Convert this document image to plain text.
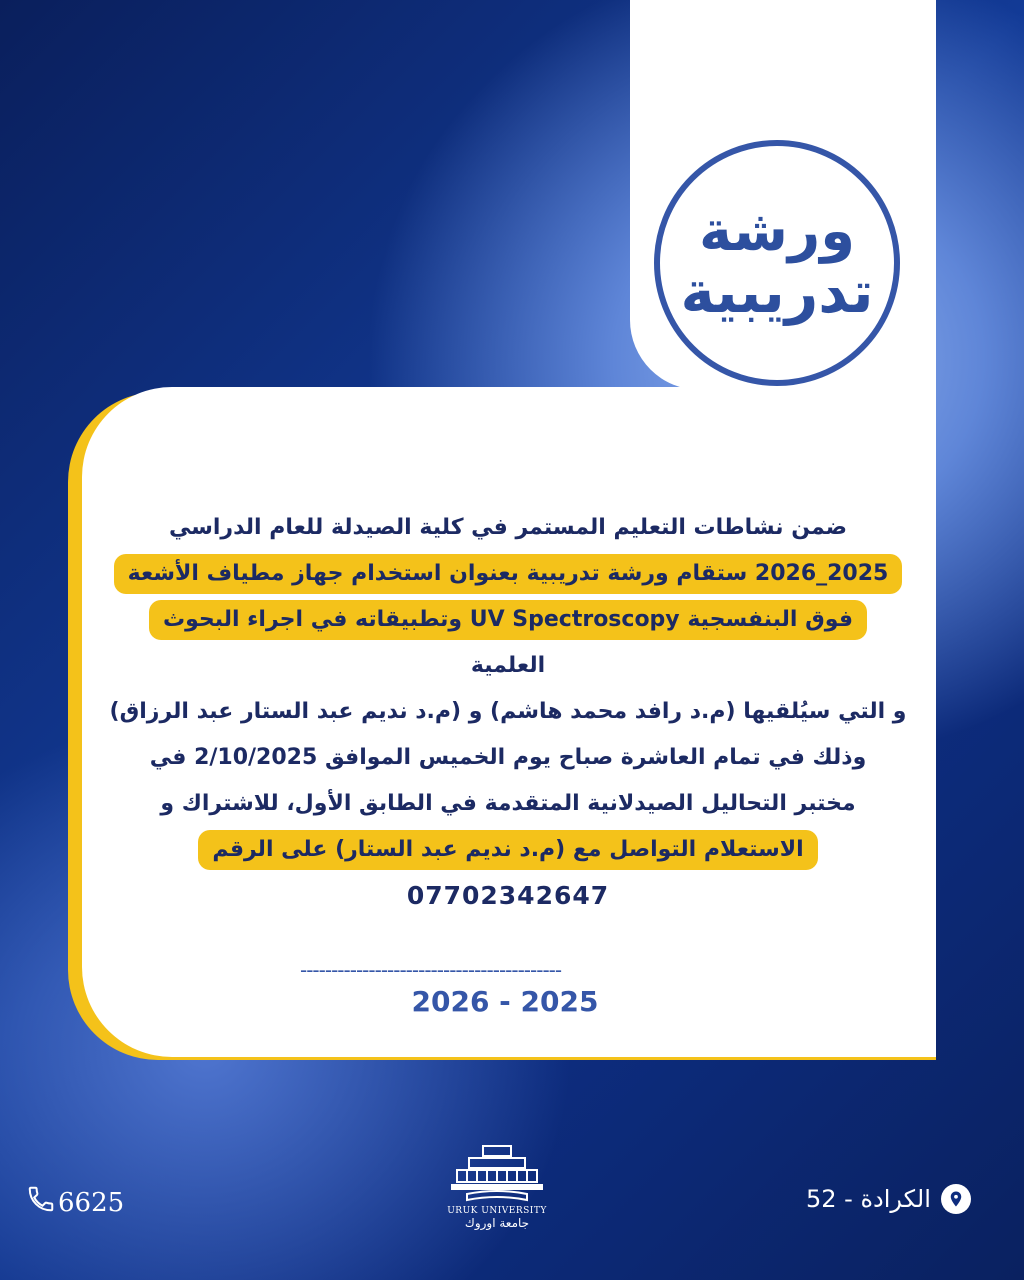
ورشة
تدريبية
ضمن نشاطات التعليم المستمر في كلية الصيدلة للعام الدراسي
2025_2026 ستقام ورشة تدريبية بعنوان استخدام جهاز مطياف الأشعة
فوق البنفسجية UV Spectroscopy وتطبيقاته في اجراء البحوث
العلمية
و التي سيُلقيها (م.د رافد محمد هاشم) و (م.د نديم عبد الستار عبد الرزاق)
وذلك في تمام العاشرة صباح يوم الخميس الموافق 2/10/2025 في
مختبر التحاليل الصيدلانية المتقدمة في الطابق الأول، للاشتراك و
الاستعلام التواصل مع (م.د نديم عبد الستار) على الرقم
07702342647
------------------------------------------
2026 - 2025
6625	URUK UNIVERSITY
جامعة اوروك
الكرادة - 52
